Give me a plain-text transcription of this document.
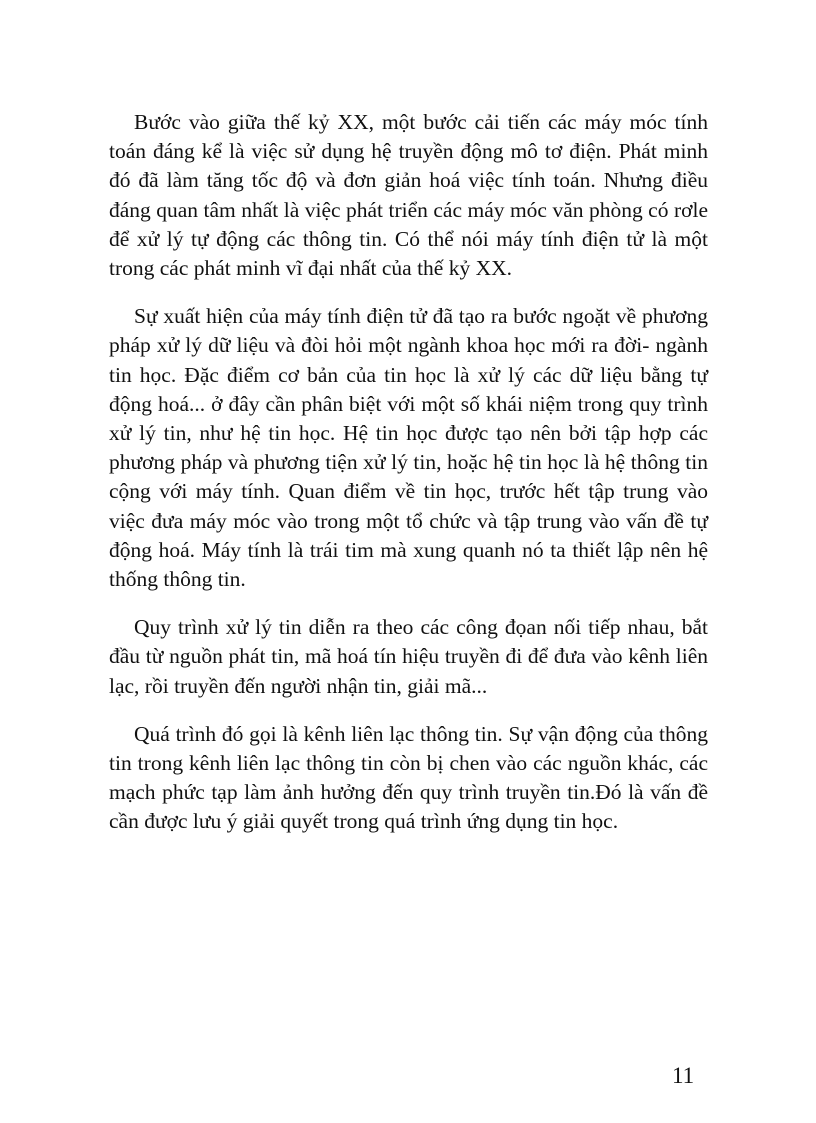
Bước vào giữa thế kỷ XX, một bước cải tiến các máy móc tính toán đáng kể là việc sử dụng hệ truyền động mô tơ điện. Phát minh đó đã làm tăng tốc độ và đơn giản hoá việc tính toán. Nhưng điều đáng quan tâm nhất là việc phát triển các máy móc văn phòng có rơle để xử lý tự động các thông tin. Có thể nói máy tính điện tử là một trong các phát minh vĩ đại nhất của thế kỷ XX.

Sự xuất hiện của máy tính điện tử đã tạo ra bước ngoặt về phương pháp xử lý dữ liệu và đòi hỏi một ngành khoa học mới ra đời- ngành tin học. Đặc điểm cơ bản của tin học là xử lý các dữ liệu bằng tự động hoá... ở đây cần phân biệt với một số khái niệm trong quy trình xử lý tin, như hệ tin học. Hệ tin học được tạo nên bởi tập hợp các phương pháp và phương tiện xử lý tin, hoặc hệ tin học là hệ thông tin cộng với máy tính. Quan điểm về tin học, trước hết tập trung vào việc đưa máy móc vào trong một tổ chức và tập trung vào vấn đề tự động hoá. Máy tính là trái tim mà xung quanh nó ta thiết lập nên hệ thống thông tin.

Quy trình xử lý tin diễn ra theo các công đọan nối tiếp nhau, bắt đầu từ nguồn phát tin, mã hoá tín hiệu truyền đi để đưa vào kênh liên lạc, rồi truyền đến người nhận tin, giải mã...

Quá trình đó gọi là kênh liên lạc thông tin. Sự vận động của thông tin trong kênh liên lạc thông tin còn bị chen vào các nguồn khác, các mạch phức tạp làm ảnh hưởng đến quy trình truyền tin.Đó là vấn đề cần được lưu ý giải quyết trong quá trình ứng dụng tin học.

11
